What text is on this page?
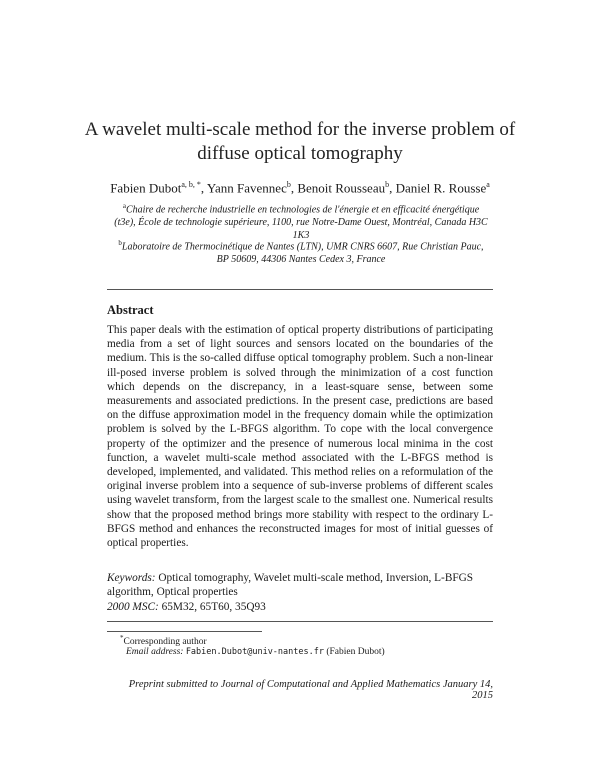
A wavelet multi-scale method for the inverse problem of diffuse optical tomography
Fabien Dubot$^{a, b, *}$, Yann Favennec$^b$, Benoit Rousseau$^b$, Daniel R. Rousse$^a$
$^a$Chaire de recherche industrielle en technologies de l'énergie et en efficacité énergétique (t3e), École de technologie supérieure, 1100, rue Notre-Dame Ouest, Montréal, Canada H3C 1K3
$^b$Laboratoire de Thermocinétique de Nantes (LTN), UMR CNRS 6607, Rue Christian Pauc, BP 50609, 44306 Nantes Cedex 3, France
Abstract
This paper deals with the estimation of optical property distributions of participating media from a set of light sources and sensors located on the boundaries of the medium. This is the so-called diffuse optical tomography problem. Such a non-linear ill-posed inverse problem is solved through the minimization of a cost function which depends on the discrepancy, in a least-square sense, between some measurements and associated predictions. In the present case, predictions are based on the diffuse approximation model in the frequency domain while the optimization problem is solved by the L-BFGS algorithm. To cope with the local convergence property of the optimizer and the presence of numerous local minima in the cost function, a wavelet multi-scale method associated with the L-BFGS method is developed, implemented, and validated. This method relies on a reformulation of the original inverse problem into a sequence of sub-inverse problems of different scales using wavelet transform, from the largest scale to the smallest one. Numerical results show that the proposed method brings more stability with respect to the ordinary L-BFGS method and enhances the reconstructed images for most of initial guesses of optical properties.
Keywords: Optical tomography, Wavelet multi-scale method, Inversion, L-BFGS algorithm, Optical properties
2000 MSC: 65M32, 65T60, 35Q93
*Corresponding author
Email address: Fabien.Dubot@univ-nantes.fr (Fabien Dubot)
Preprint submitted to Journal of Computational and Applied Mathematics January 14, 2015
